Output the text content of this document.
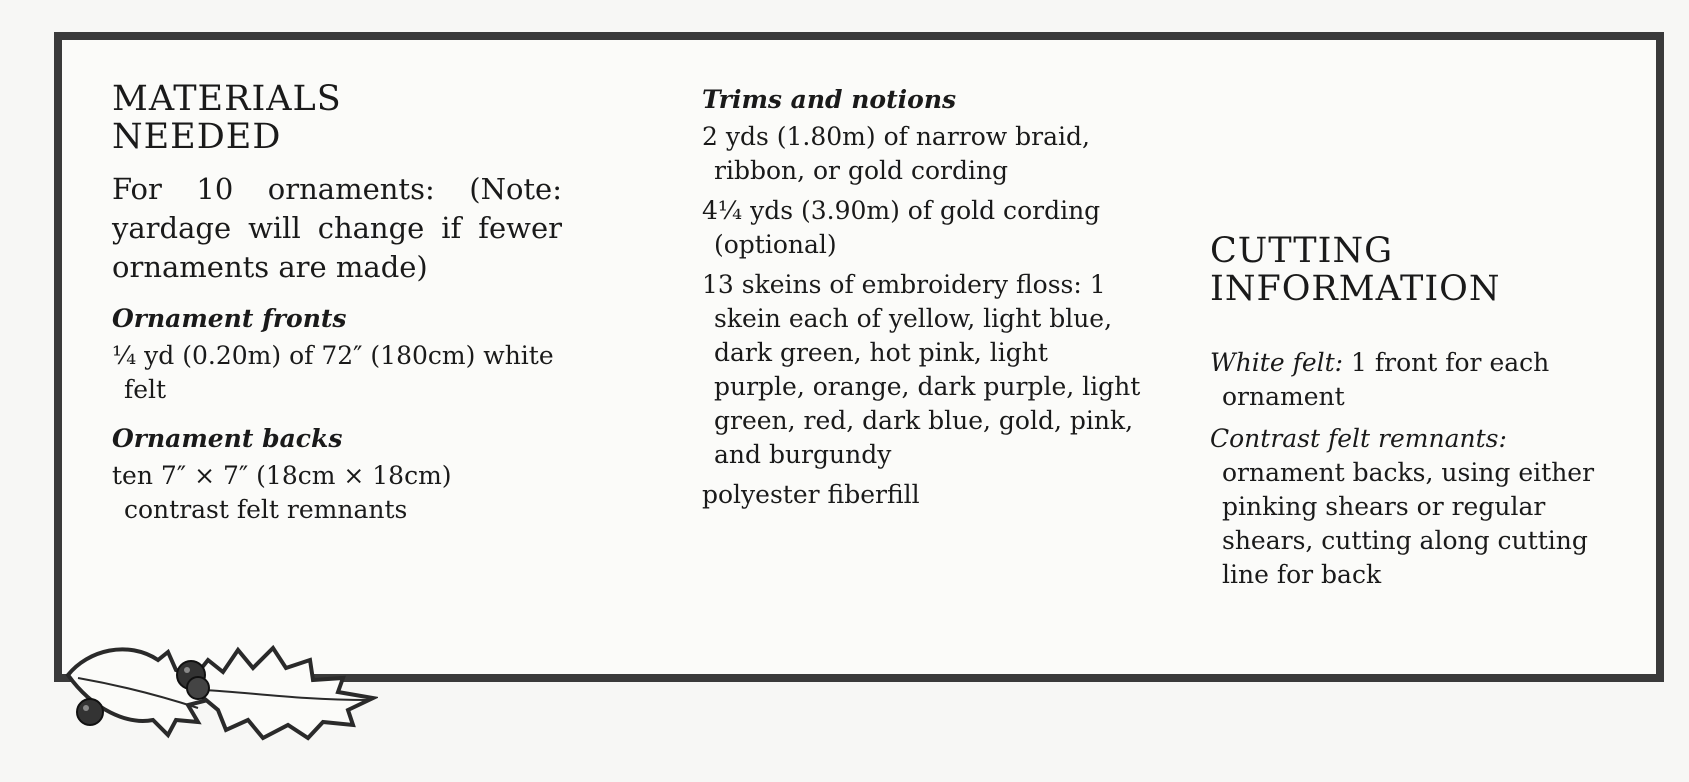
MATERIALS
NEEDED

For 10 ornaments: (Note: yardage will change if fewer ornaments are made)

Ornament fronts

¼ yd (0.20m) of 72″ (180cm) white felt

Ornament backs

ten 7″ × 7″ (18cm × 18cm) contrast felt remnants

Trims and notions

2 yds (1.80m) of narrow braid, ribbon, or gold cording

4¼ yds (3.90m) of gold cording (optional)

13 skeins of embroidery floss: 1 skein each of yellow, light blue, dark green, hot pink, light purple, orange, dark purple, light green, red, dark blue, gold, pink, and burgundy

polyester fiberfill

CUTTING
INFORMATION

White felt: 1 front for each ornament

Contrast felt remnants: ornament backs, using either pinking shears or regular shears, cutting along cutting line for back
